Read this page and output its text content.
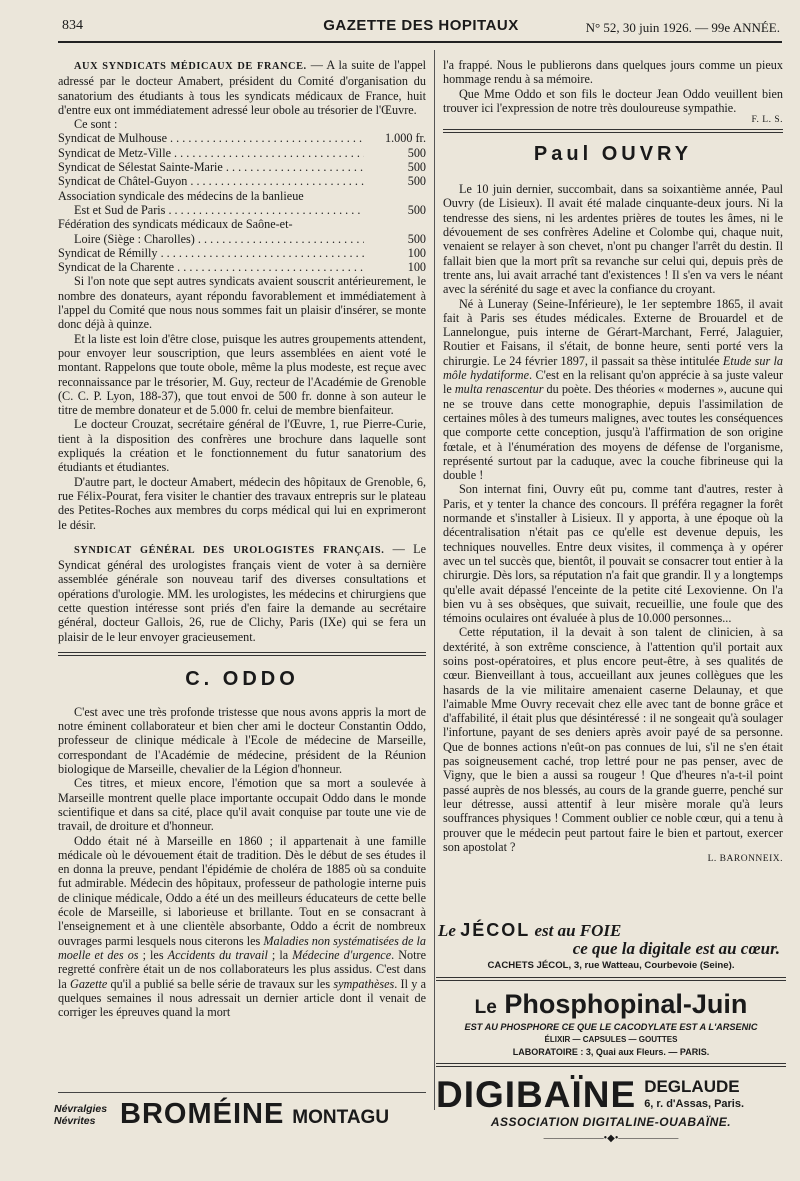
834	GAZETTE DES HOPITAUX	N° 52, 30 juin 1926. — 99e ANNÉE.

AUX SYNDICATS MÉDICAUX DE FRANCE. — A la suite de l'appel adressé par le docteur Amabert, président du Comité d'organisation du sanatorium des étudiants à tous les syndicats médicaux de France, huit d'entre eux ont immédiatement adressé leur obole au trésorier de l'Œuvre.

Ce sont :
Syndicat de Mulhouse . . .	1.000 fr.
Syndicat de Metz-Ville . . .	500
Syndicat de Sélestat Sainte-Marie . . .	500
Syndicat de Châtel-Guyon . . .	500
Association syndicale des médecins de la banlieue
Est et Sud de Paris . . .	500
Fédération des syndicats médicaux de Saône-et-
Loire (Siège : Charolles) . . .	500
Syndicat de Rémilly . . .	100
Syndicat de la Charente . . .	100

Si l'on note que sept autres syndicats avaient souscrit antérieurement, le nombre des donateurs, ayant répondu favorablement et immédiatement à l'appel du Comité que nous nous sommes fait un plaisir d'insérer, se monte donc déjà à quinze.

Et la liste est loin d'être close, puisque les autres groupements attendent, pour envoyer leur souscription, que leurs assemblées en aient voté le montant. Rappelons que toute obole, même la plus modeste, est reçue avec reconnaissance par le trésorier, M. Guy, recteur de l'Académie de Grenoble (C. C. P. Lyon, 188-37), que tout envoi de 500 fr. donne à son auteur le titre de membre donateur et de 5.000 fr. celui de membre bienfaiteur.

Le docteur Crouzat, secrétaire général de l'Œuvre, 1, rue Pierre-Curie, tient à la disposition des confrères une brochure dans laquelle sont expliqués la création et le fonctionnement du futur sanatorium des étudiants et étudiantes.

D'autre part, le docteur Amabert, médecin des hôpitaux de Grenoble, 6, rue Félix-Pourat, fera visiter le chantier des travaux entrepris sur le plateau des Petites-Roches aux membres du corps médical qui lui en exprimeront le désir.

SYNDICAT GÉNÉRAL DES UROLOGISTES FRANÇAIS. — Le Syndicat général des urologistes français vient de voter à sa dernière assemblée générale son nouveau tarif des diverses consultations et opérations d'urologie. MM. les urologistes, les médecins et chirurgiens que cette question intéresse sont priés d'en faire la demande au secrétaire général, docteur Gallois, 26, rue de Clichy, Paris (IXe) qui se fera un plaisir de le leur envoyer gracieusement.

C. ODDO

C'est avec une très profonde tristesse que nous avons appris la mort de notre éminent collaborateur et bien cher ami le docteur Constantin Oddo, professeur de clinique médicale à l'Ecole de médecine de Marseille, correspondant de l'Académie de médecine, président de la Réunion biologique de Marseille, chevalier de la Légion d'honneur.

Ces titres, et mieux encore, l'émotion que sa mort a soulevée à Marseille montrent quelle place importante occupait Oddo dans le monde scientifique et dans sa cité, place qu'il avait conquise par toute une vie de travail, de droiture et d'honneur.

Oddo était né à Marseille en 1860 ; il appartenait à une famille médicale où le dévouement était de tradition. Dès le début de ses études il en donna la preuve, pendant l'épidémie de choléra de 1885 où sa conduite fut admirable. Médecin des hôpitaux, professeur de pathologie interne puis de clinique médicale, Oddo a été un des meilleurs éducateurs de cette belle école de Marseille, si laborieuse et brillante. Tout en se consacrant à l'enseignement et à une clientèle absorbante, Oddo a écrit de nombreux ouvrages parmi lesquels nous citerons les Maladies non systématisées de la moelle et des os ; les Accidents du travail ; la Médecine d'urgence. Notre regretté confrère était un de nos collaborateurs les plus assidus. C'est dans la Gazette qu'il a publié sa belle série de travaux sur les sympathèses. Il y a quelques semaines il nous adressait un dernier article dont il venait de corriger les épreuves quand la mort

Névralgies Névrites BROMÉINE MONTAGU

l'a frappé. Nous le publierons dans quelques jours comme un pieux hommage rendu à sa mémoire.

Que Mme Oddo et son fils le docteur Jean Oddo veuillent bien trouver ici l'expression de notre très douloureuse sympathie.

F. L. S.
Paul OUVRY

Le 10 juin dernier, succombait, dans sa soixantième année, Paul Ouvry (de Lisieux). Il avait été malade cinquante-deux jours. Ni la tendresse des siens, ni les ardentes prières de toutes les âmes, ni le dévouement de ses confrères Adeline et Colombe qui, chaque nuit, venaient se relayer à son chevet, n'ont pu changer l'arrêt du destin. Il fallait bien que la mort prît sa revanche sur celui qui, depuis près de trente ans, lui avait arraché tant d'existences ! Il s'en va vers le néant avec la sérénité du sage et avec la confiance du croyant.

Né à Luneray (Seine-Inférieure), le 1er septembre 1865, il avait fait à Paris ses études médicales. Externe de Brouardel et de Lannelongue, puis interne de Gérart-Marchant, Ferré, Jalaguier, Routier et Faisans, il s'était, de bonne heure, senti porté vers la chirurgie. Le 24 février 1897, il passait sa thèse intitulée Etude sur la môle hydatiforme. C'est en la relisant qu'on apprécie à sa juste valeur le multa renascentur du poète. Des théories « modernes », aucune qui ne se trouve dans cette monographie, depuis l'assimilation de certaines môles à des tumeurs malignes, avec toutes les conséquences que comporte cette conception, jusqu'à l'affirmation de son origine fœtale, et à l'énumération des moyens de défense de l'organisme, représenté surtout par la caduque, avec la couche fibrineuse qui la double !

Son internat fini, Ouvry eût pu, comme tant d'autres, rester à Paris, et y tenter la chance des concours. Il préféra regagner la forêt normande et s'installer à Lisieux. Il y apporta, à une époque où la décentralisation n'était pas ce qu'elle est devenue depuis, les techniques nouvelles. Entre deux visites, il commença à y opérer avec un tel succès que, bientôt, il pouvait se consacrer tout entier à la chirurgie. Dès lors, sa réputation n'a fait que grandir. Il y a longtemps qu'elle avait dépassé l'enceinte de la petite cité Lexovienne. On l'a bien vu à ses obsèques, que suivait, recueillie, une foule que des témoins oculaires ont évaluée à plus de 10.000 personnes...

Cette réputation, il la devait à son talent de clinicien, à sa dextérité, à son extrême conscience, à l'attention qu'il portait aux soins post-opératoires, et plus encore peut-être, à ses qualités de cœur. Bienveillant à tous, accueillant aux jeunes collègues que les hasards de la vie militaire amenaient caserne Delaunay, et que l'aimable Mme Ouvry recevait chez elle avec tant de bonne grâce et d'affabilité, il était plus que désintéressé : il ne songeait qu'à soulager l'infortune, payant de ses deniers après avoir payé de sa personne. Que de bonnes actions n'eût-on pas connues de lui, s'il ne s'en était pas soigneusement caché, trop lettré pour ne pas penser, avec de Vigny, que le bien a aussi sa rougeur ! Que d'heures n'a-t-il point passé auprès de nos blessés, au cours de la grande guerre, penché sur leur détresse, aussi attentif à leur misère morale qu'à leurs souffrances physiques ! Comment oublier ce noble cœur, qui a tenu à prouver que le médecin peut partout faire le bien et partout, exercer son apostolat ?

L. BARONNEIX.
Le JÉCOL est au FOIE
ce que la digitale est au cœur.
CACHETS JÉCOL, 3, rue Watteau, Courbevoie (Seine).
Le Phosphopinal-Juin
EST AU PHOSPHORE CE QUE LE CACODYLATE EST A L'ARSENIC
ÉLIXIR — CAPSULES — GOUTTES
LABORATOIRE : 3, Quai aux Fleurs. — PARIS.
DIGIBAÏNE DEGLAUDE
6, r. d'Assas, Paris.
ASSOCIATION DIGITALINE-OUABAÏNE.
——————•◆•——————
